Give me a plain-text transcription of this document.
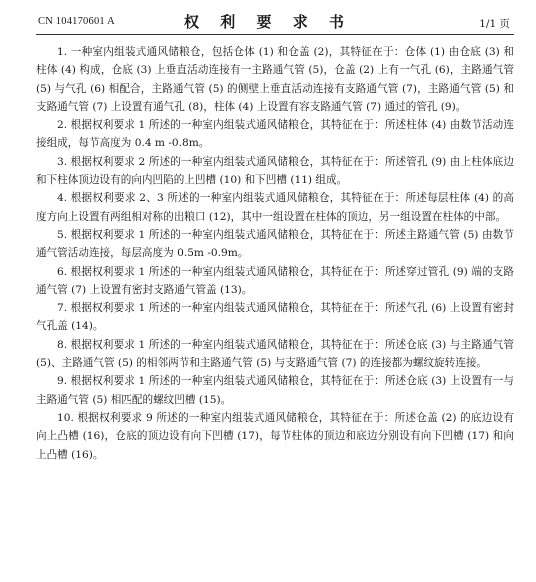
CN 104170601 A	权 利 要 求 书	1/1 页

1. 一种室内组装式通风储粮仓，包括仓体 (1) 和仓盖 (2)，其特征在于：仓体 (1) 由仓底 (3) 和柱体 (4) 构成，仓底 (3) 上垂直活动连接有一主路通气管 (5)，仓盖 (2) 上有一气孔 (6)，主路通气管 (5) 与气孔 (6) 相配合，主路通气管 (5) 的侧壁上垂直活动连接有支路通气管 (7)，主路通气管 (5) 和支路通气管 (7) 上设置有通气孔 (8)，柱体 (4) 上设置有容支路通气管 (7) 通过的管孔 (9)。

2. 根据权利要求 1 所述的一种室内组装式通风储粮仓，其特征在于：所述柱体 (4) 由数节活动连接组成，每节高度为 0.4 m -0.8m。

3. 根据权利要求 2 所述的一种室内组装式通风储粮仓，其特征在于：所述管孔 (9) 由上柱体底边和下柱体顶边设有的向内凹陷的上凹槽 (10) 和下凹槽 (11) 组成。

4. 根据权利要求 2、3 所述的一种室内组装式通风储粮仓，其特征在于：所述每层柱体 (4) 的高度方向上设置有两组相对称的出粮口 (12)，其中一组设置在柱体的顶边，另一组设置在柱体的中部。

5. 根据权利要求 1 所述的一种室内组装式通风储粮仓，其特征在于：所述主路通气管 (5) 由数节通气管活动连接，每层高度为 0.5m -0.9m。

6. 根据权利要求 1 所述的一种室内组装式通风储粮仓，其特征在于：所述穿过管孔 (9) 端的支路通气管 (7) 上设置有密封支路通气管盖 (13)。

7. 根据权利要求 1 所述的一种室内组装式通风储粮仓，其特征在于：所述气孔 (6) 上设置有密封气孔盖 (14)。

8. 根据权利要求 1 所述的一种室内组装式通风储粮仓，其特征在于：所述仓底 (3) 与主路通气管 (5)、主路通气管 (5) 的相邻两节和主路通气管 (5) 与支路通气管 (7) 的连接都为螺纹旋转连接。

9. 根据权利要求 1 所述的一种室内组装式通风储粮仓，其特征在于：所述仓底 (3) 上设置有一与主路通气管 (5) 相匹配的螺纹凹槽 (15)。

10. 根据权利要求 9 所述的一种室内组装式通风储粮仓，其特征在于：所述仓盖 (2) 的底边设有向上凸槽 (16)，仓底的顶边设有向下凹槽 (17)，每节柱体的顶边和底边分别设有向下凹槽 (17) 和向上凸槽 (16)。
